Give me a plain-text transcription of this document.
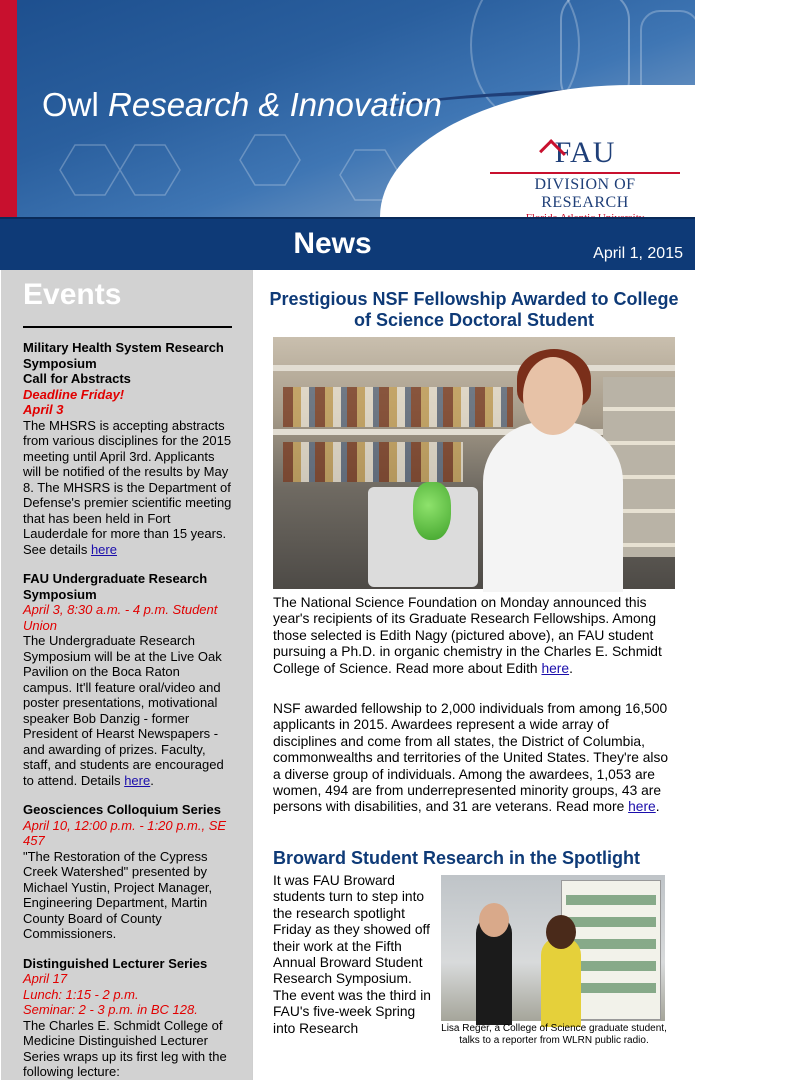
Owl Research & Innovation
FAU
DIVISION OF RESEARCH
News	April 1, 2015
Events
Military Health System Research Symposium
Call for Abstracts
Deadline Friday!
April 3
The MHSRS is accepting abstracts from various disciplines for the 2015 meeting until April 3rd. Applicants will be notified of the results by May 8. The MHSRS is the Department of Defense's premier scientific meeting that has been held in Fort Lauderdale for more than 15 years. See details here
FAU Undergraduate Research Symposium
April 3, 8:30 a.m. - 4 p.m. Student Union
The Undergraduate Research Symposium will be at the Live Oak Pavilion on the Boca Raton campus. It'll feature oral/video and poster presentations, motivational speaker Bob Danzig - former President of Hearst Newspapers - and awarding of prizes. Faculty, staff, and students are encouraged to attend. Details here.
Geosciences Colloquium Series
April 10, 12:00 p.m. - 1:20 p.m., SE 457
"The Restoration of the Cypress Creek Watershed" presented by Michael Yustin, Project Manager, Engineering Department, Martin County Board of County Commissioners.
Distinguished Lecturer Series
April 17
Lunch: 1:15 - 2 p.m.
Seminar: 2 - 3 p.m. in BC 128.
The Charles E. Schmidt College of Medicine Distinguished Lecturer Series wraps up its first leg with the following lecture:
Prestigious NSF Fellowship Awarded to College of Science Doctoral Student
The National Science Foundation on Monday announced this year's recipients of its Graduate Research Fellowships. Among those selected is Edith Nagy (pictured above), an FAU student pursuing a Ph.D. in organic chemistry in the Charles E. Schmidt College of Science. Read more about Edith here.
NSF awarded fellowship to 2,000 individuals from among 16,500 applicants in 2015. Awardees represent a wide array of disciplines and come from all states, the District of Columbia, commonwealths and territories of the United States. They're also a diverse group of individuals. Among the awardees, 1,053 are women, 494 are from underrepresented minority groups, 43 are persons with disabilities, and 31 are veterans. Read more here.
Broward Student Research in the Spotlight
It was FAU Broward students turn to step into the research spotlight Friday as they showed off their work at the Fifth Annual Broward Student Research Symposium. The event was the third in FAU's five-week Spring into Research	Lisa Reger, a College of Science graduate student, talks to a reporter from WLRN public radio.
